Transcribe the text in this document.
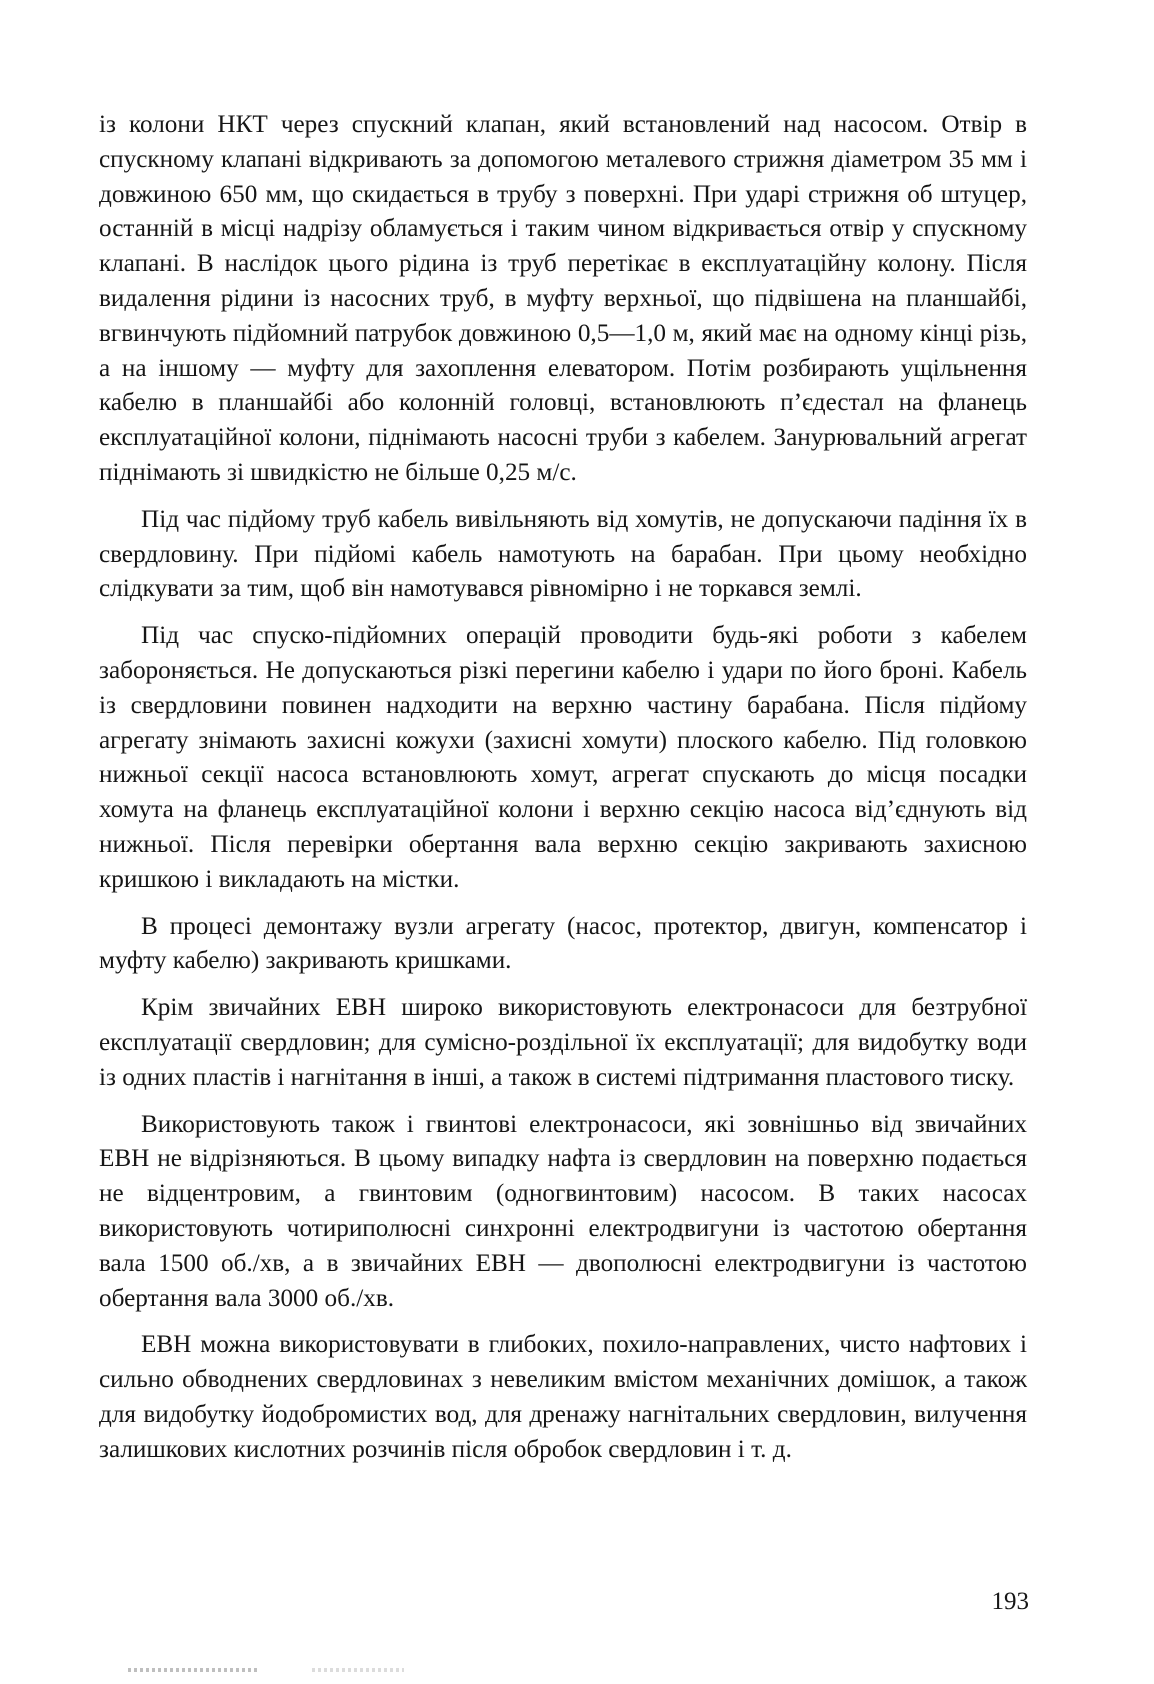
із колони НКТ через спускний клапан, який встановлений над насосом. Отвір в спускному клапані відкривають за допомогою металевого стрижня діаметром 35 мм і довжиною 650 мм, що скидається в трубу з поверхні. При ударі стрижня об штуцер, останній в місці надрізу обламується і таким чином відкривається отвір у спускному клапані. В наслідок цього рідина із труб перетікає в експлуатаційну колону. Після видалення рідини із насосних труб, в муфту верхньої, що підвішена на планшайбі, вгвинчують підйомний патрубок довжиною 0,5—1,0 м, який має на одному кінці різь, а на іншому — муфту для захоплення елеватором. Потім розбирають ущільнення кабелю в планшайбі або колонній головці, встановлюють п’єдестал на фланець експлуатаційної колони, піднімають насосні труби з кабелем. Занурювальний агрегат піднімають зі швидкістю не більше 0,25 м/с.

Під час підйому труб кабель вивільняють від хомутів, не допускаючи падіння їх в свердловину. При підйомі кабель намотують на барабан. При цьому необхідно слідкувати за тим, щоб він намотувався рівномірно і не торкався землі.

Під час спуско-підйомних операцій проводити будь-які роботи з кабелем забороняється. Не допускаються різкі перегини кабелю і удари по його броні. Кабель із свердловини повинен надходити на верхню частину барабана. Після підйому агрегату знімають захисні кожухи (захисні хомути) плоского кабелю. Під головкою нижньої секції насоса встановлюють хомут, агрегат спускають до місця посадки хомута на фланець експлуатаційної колони і верхню секцію насоса від’єднують від нижньої. Після перевірки обертання вала верхню секцію закривають захисною кришкою і викладають на містки.

В процесі демонтажу вузли агрегату (насос, протектор, двигун, компенсатор і муфту кабелю) закривають кришками.

Крім звичайних ЕВН широко використовують електронасоси для безтрубної експлуатації свердловин; для сумісно-роздільної їх експлуатації; для видобутку води із одних пластів і нагнітання в інші, а також в системі підтримання пластового тиску.

Використовують також і гвинтові електронасоси, які зовнішньо від звичайних ЕВН не відрізняються. В цьому випадку нафта із свердловин на поверхню подається не відцентровим, а гвинтовим (одногвинтовим) насосом. В таких насосах використовують чотириполюсні синхронні електродвигуни із частотою обертання вала 1500 об./хв, а в звичайних ЕВН — двополюсні електродвигуни із частотою обертання вала 3000 об./хв.

ЕВН можна використовувати в глибоких, похило-направлених, чисто нафтових і сильно обводнених свердловинах з невеликим вмістом механічних домішок, а також для видобутку йодобромистих вод, для дренажу нагнітальних свердловин, вилучення залишкових кислотних розчинів після обробок свердловин і т. д.

193
